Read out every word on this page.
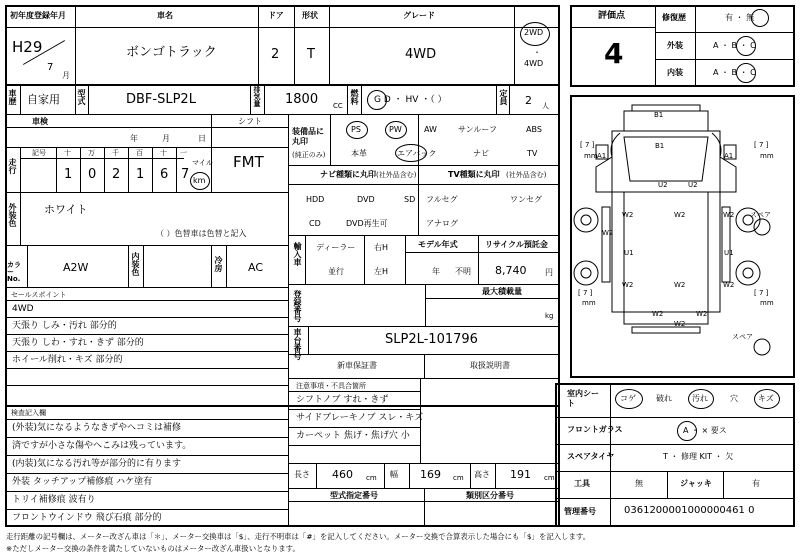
初年度登録年月
H29
7
月
車名
ボンゴトラック
ドア
2
形状
T
グレード
4WD
2WD
・
4WD
車歴 自家用 型式	DBF-SLP2L	排気量 1800 CC
燃料 G D ・ HV ・（ ）	定員 2 人
車検
年	月	日
シフト
FMT
走行
記号	十 万 千 百 十 一
1 0 2 1 6 7
マイル
km
外装色 ホワイト
（ ）色替車は色替と記入
カラーNo.
A2W	内装色	冷房 AC
セールスポイント
4WD
天張り しみ・汚れ 部分的
天張り しわ・すれ・きず 部分的
ホイール削れ・キズ 部分的
検査記入欄
(外装)気になるようなきずやヘコミは補修
済ですが小さな傷やへこみは残っています。
(内装)気になる汚れ等が部分的に有ります
外装 タッチアップ補修痕 ハケ塗有
トリイ補修痕 波有り
フロントウインドウ 飛び石痕 部分的
装備品に丸印
(純正のみ)
PS	PW	AW	サンルーフ	ABS
本革	エアバック	ナビ	TV
ナビ種類に丸印 (社外品含む)
HDD	DVD	SD
CD	DVD再生可
TV種類に丸印 (社外品含む)
フルセグ	ワンセグ
アナログ
輸入車 ディーラー
並行
右H
左H
モデル年式
年 不明
リサイクル預託金
8,740 円
登録番号	最大積載量
kg
車台番号	SLP2L-101796
新車保証書	取扱説明書
注意事項・不具合箇所
シフトノブ すれ・きず
サイドブレーキノブ スレ・キズ
カーペット 焦げ・焦げ穴 小
長さ 460 cm 幅 169 cm 高さ 191 cm
型式指定番号	類別区分番号
評価点
4
修復歴	有 ・ 無
外装	A ・ B ・ C
内装	A ・ B ・ C
B1
B1
A1	A1
U2	U2
W2	W2	W2
W2
U1	U1
W2
W2	W2
W2	W2
W2
スペア
スペア
[ 7 ]	[ 7 ]
[ 7 ]	[ 7 ]
mm	mm
mm	mm
室内シート
コゲ	破れ	汚れ	穴	キズ
フロントガラス	A ・ × 要ス
スペアタイヤ	T ・ 修理 KIT ・ 欠
工具	無	ジャッキ	有
管理番号	0361200001000000461 0
走行距離の記号欄は、メーター改ざん車は「＊」、メーター交換車は「$」、走行不明車は「#」を記入してください。メーター交換で合算表示した場合にも「$」を記入します。
※ただしメーター交換の条件を満たしていないものはメーター改ざん車扱いとなります。
